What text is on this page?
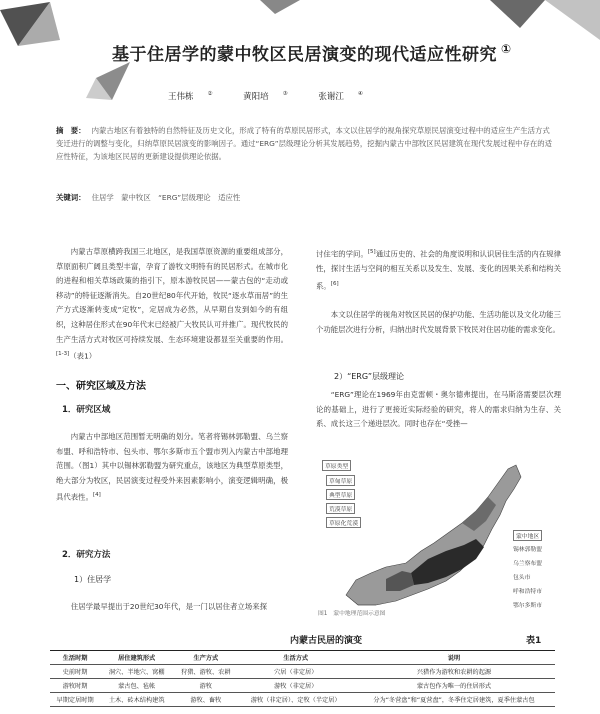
基于住居学的蒙中牧区民居演变的现代适应性研究 ①
王伟栋	②	黄阳培	③	张谢江	④
摘　要： 内蒙古地区有着独特的自然特征及历史文化，形成了特有的草原民居形式，本文以住居学的视角探究草原民居演变过程中的适应生产生活方式变迁进行的调整与变化，归纳草原民居演变的影响因子。通过“ERG”层级理论分析其发展趋势，挖掘内蒙古中部牧区民居建筑在现代发展过程中存在的适应性特征，为该地区民居的更新建设提供理论依据。
关键词： 住居学　蒙中牧区　“ERG”层级理论　适应性
内蒙古草原横跨我国三北地区，是我国草原资源的重要组成部分，草原面积广阔且类型丰富，孕育了游牧文明特有的民居形式。在城市化的进程和相关草场政策的指引下，原本游牧民居——蒙古包的“走动或移动”的特征逐渐消失。自20世纪80年代开始，牧民“逐水草而居”的生产方式逐渐转变成“定牧”，定居成为必然，从早期自发到如今的有组织，这种居住形式在90年代末已经被广大牧民认可并推广。现代牧民的生产生活方式对牧区可持续发展、生态环境建设都显至关重要的作用。[1-3]（表1）
一、研究区域及方法
1．研究区域
内蒙古中部地区范围暂无明确的划分。笔者将锡林郭勒盟、乌兰察布盟、呼和浩特市、包头市、鄂尔多斯市五个盟市列入内蒙古中部地理范围。（图1）其中以锡林郭勒盟为研究重点，该地区为典型草原类型，绝大部分为牧区，民居演变过程受外来因素影响小，演变逻辑明确，极具代表性。[4]
2．研究方法
1）住居学
住居学最早提出于20世纪30年代，是一门以居住者立场来探
讨住宅的学问。[5]通过历史的、社会的角度说明和认识居住生活的内在规律性，探讨生活与空间的相互关系以及发生、发展、变化的因果关系和结构关系。[6]
本文以住居学的视角对牧区民居的保护功能、生活功能以及文化功能三个功能层次进行分析，归纳出时代发展背景下牧民对住居功能的需求变化。
2）“ERG”层级理论
“ERG”理论在1969年由克雷顿・奥尔德弗提出，在马斯洛需要层次理论的基础上，进行了更接近实际经验的研究，将人的需求归纳为生存、关系、成长这三个递进层次。同时也存在“受挫—
草原类型
草甸草原
典型草原
荒漠草原
草原化荒漠
蒙中地区
锡林郭勒盟
乌兰察布盟
包头市
呼和浩特市
鄂尔多斯市
图1　蒙中地理范围示意图
内蒙古民居的演变	表1
生活时期	居住建筑形式	生产方式	生活方式	说明
史前时期	洞穴、半地穴、窝棚	狩猎、游牧、农耕	穴居（非定居）	兴猎作为游牧和农耕的起源
游牧时期	蒙古包、毡帐	游牧	游牧（非定居）	蒙古包作为唯一的住居形式
早期定居时期	土木、砖木结构建筑	游牧、畜牧	游牧（非定居）、定牧（半定居）	分为“冬营盘”和“夏营盘”，冬季住定居建筑，夏季住蒙古包
